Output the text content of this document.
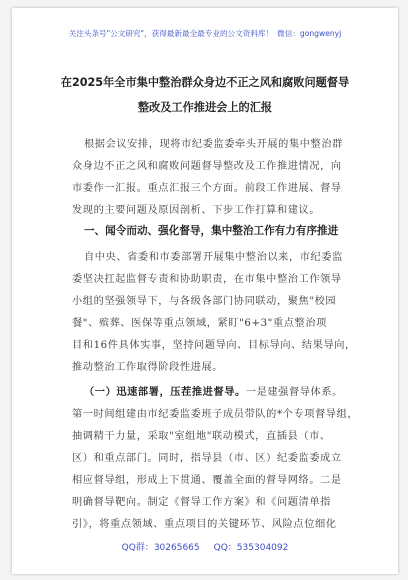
关注头条号"公文研究"，获得最新最全最专业的公文资料库！ 微信：gongwenyj
在2025年全市集中整治群众身边不正之风和腐败问题督导
整改及工作推进会上的汇报
根据会议安排，现将市纪委监委牵头开展的集中整治群
众身边不正之风和腐败问题督导整改及工作推进情况，向
市委作一汇报。重点汇报三个方面。前段工作进展、督导
发现的主要问题及原因剖析、下步工作打算和建议。
一、闻令而动、强化督导，集中整治工作有力有序推进
自中央、省委和市委部署开展集中整治以来，市纪委监
委坚决扛起监督专责和协助职责，在市集中整治工作领导
小组的坚强领导下，与各级各部门协同联动，聚焦"校园
餐"、殡葬、医保等重点领域，紧盯"6+3"重点整治项
目和16件具体实事，坚持问题导向、目标导向、结果导向，
推动整治工作取得阶段性进展。
（一）迅速部署，压茬推进督导。一是建强督导体系。
第一时间组建由市纪委监委班子成员带队的*个专项督导组，
抽调精干力量，采取"室组地"联动模式，直插县（市、
区）和重点部门。同时，指导县（市、区）纪委监委成立
相应督导组，形成上下贯通、覆盖全面的督导网络。二是
明确督导靶向。制定《督导工作方案》和《问题清单指
引》，将重点领域、重点项目的关键环节、风险点位细化
QQ群：30265665 QQ：535304092
